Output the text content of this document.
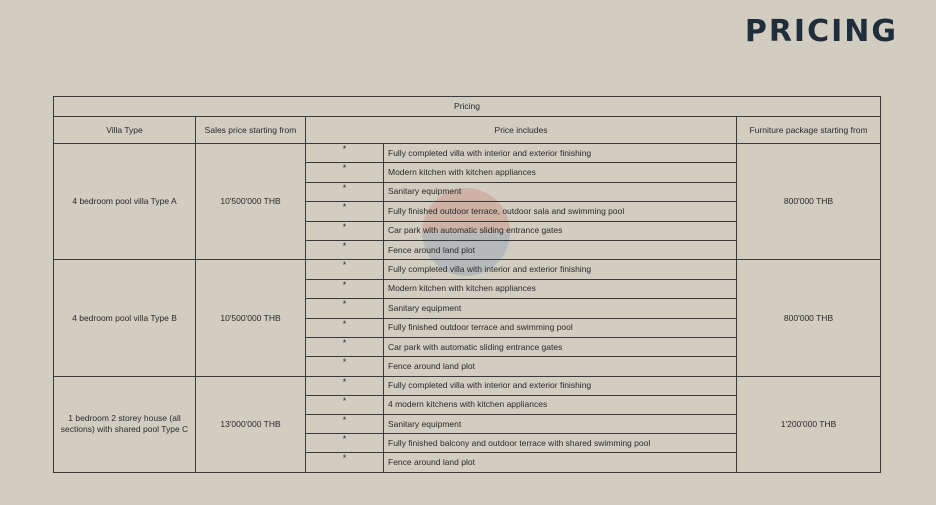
PRICING
Pricing				
Villa Type	Sales price starting from	Price includes		Furniture package starting from
4 bedroom pool villa Type A	10'500'000 THB	*	Fully completed villa with interior and exterior finishing	800'000 THB
		*	Modern kitchen with kitchen appliances	
		*	Sanitary equipment	
		*	Fully finished outdoor terrace, outdoor sala and swimming pool	
		*	Car park with automatic sliding entrance gates	
		*	Fence around land plot	
4 bedroom pool villa Type B	10'500'000 THB	*	Fully completed villa with interior and exterior finishing	800'000 THB
		*	Modern kitchen with kitchen appliances	
		*	Sanitary equipment	
		*	Fully finished outdoor terrace and swimming pool	
		*	Car park with automatic sliding entrance gates	
		*	Fence around land plot	
1 bedroom 2 storey house (all sections) with shared pool Type C	13'000'000 THB	*	Fully completed villa with interior and exterior finishing	1'200'000 THB
		*	4 modern kitchens with kitchen appliances	
		*	Sanitary equipment	
		*	Fully finished balcony and outdoor terrace with shared swimming pool	
		*	Fence around land plot	
